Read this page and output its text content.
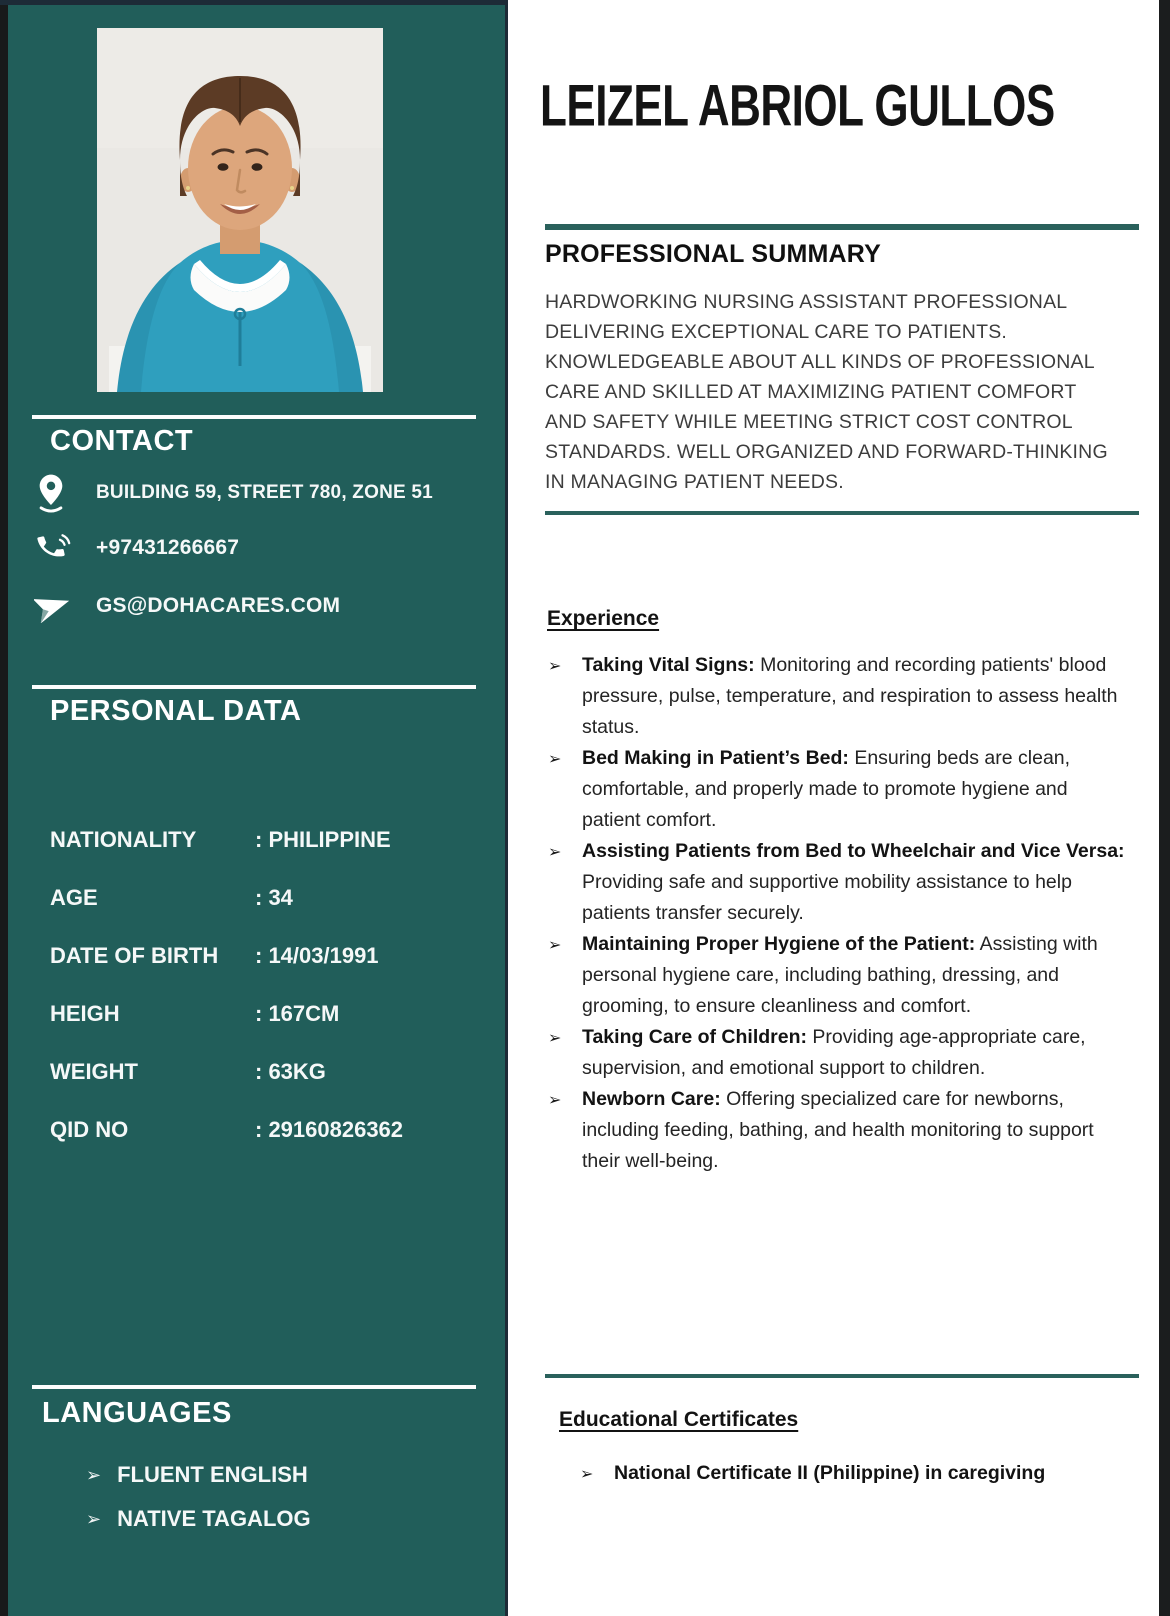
CONTACT
BUILDING 59, STREET 780, ZONE 51
+97431266667
GS@DOHACARES.COM
PERSONAL DATA
NATIONALITY	: PHILIPPINE
AGE	: 34
DATE OF BIRTH	: 14/03/1991
HEIGH	: 167CM
WEIGHT	: 63KG
QID NO	: 29160826362
LANGUAGES
➢ FLUENT ENGLISH
➢ NATIVE TAGALOG
LEIZEL ABRIOL GULLOS
PROFESSIONAL SUMMARY

HARDWORKING NURSING ASSISTANT PROFESSIONAL DELIVERING EXCEPTIONAL CARE TO PATIENTS. KNOWLEDGEABLE ABOUT ALL KINDS OF PROFESSIONAL CARE AND SKILLED AT MAXIMIZING PATIENT COMFORT AND SAFETY WHILE MEETING STRICT COST CONTROL STANDARDS. WELL ORGANIZED AND FORWARD-THINKING IN MANAGING PATIENT NEEDS.

Experience
➢	Taking Vital Signs: Monitoring and recording patients' blood pressure, pulse, temperature, and respiration to assess health status.
➢	Bed Making in Patient’s Bed: Ensuring beds are clean, comfortable, and properly made to promote hygiene and patient comfort.
➢	Assisting Patients from Bed to Wheelchair and Vice Versa: Providing safe and supportive mobility assistance to help patients transfer securely.
➢	Maintaining Proper Hygiene of the Patient: Assisting with personal hygiene care, including bathing, dressing, and grooming, to ensure cleanliness and comfort.
➢	Taking Care of Children: Providing age-appropriate care, supervision, and emotional support to children.
➢	Newborn Care: Offering specialized care for newborns, including feeding, bathing, and health monitoring to support their well-being.
Educational Certificates
➢	National Certificate II (Philippine) in caregiving
